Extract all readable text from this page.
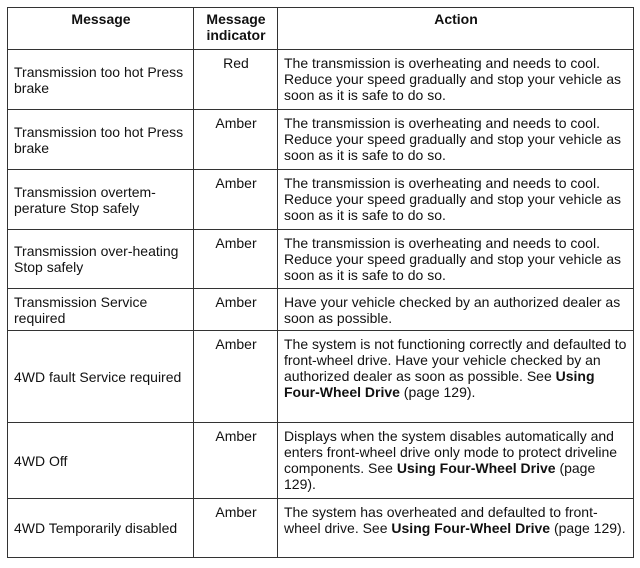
Message	Message indicator	Action
Transmission too hot Press brake	Red	The transmission is overheating and needs to cool. Reduce your speed gradually and stop your vehicle as soon as it is safe to do so.
Transmission too hot Press brake	Amber	The transmission is overheating and needs to cool. Reduce your speed gradually and stop your vehicle as soon as it is safe to do so.
Transmission overtem-perature Stop safely	Amber	The transmission is overheating and needs to cool. Reduce your speed gradually and stop your vehicle as soon as it is safe to do so.
Transmission over-heating Stop safely	Amber	The transmission is overheating and needs to cool. Reduce your speed gradually and stop your vehicle as soon as it is safe to do so.
Transmission Service required	Amber	Have your vehicle checked by an authorized dealer as soon as possible.
4WD fault Service required	Amber	The system is not functioning correctly and defaulted to front-wheel drive. Have your vehicle checked by an authorized dealer as soon as possible. See Using Four-Wheel Drive (page 129).
4WD Off	Amber	Displays when the system disables automatically and enters front-wheel drive only mode to protect driveline components. See Using Four-Wheel Drive (page 129).
4WD Temporarily disabled	Amber	The system has overheated and defaulted to front-wheel drive. See Using Four-Wheel Drive (page 129).
